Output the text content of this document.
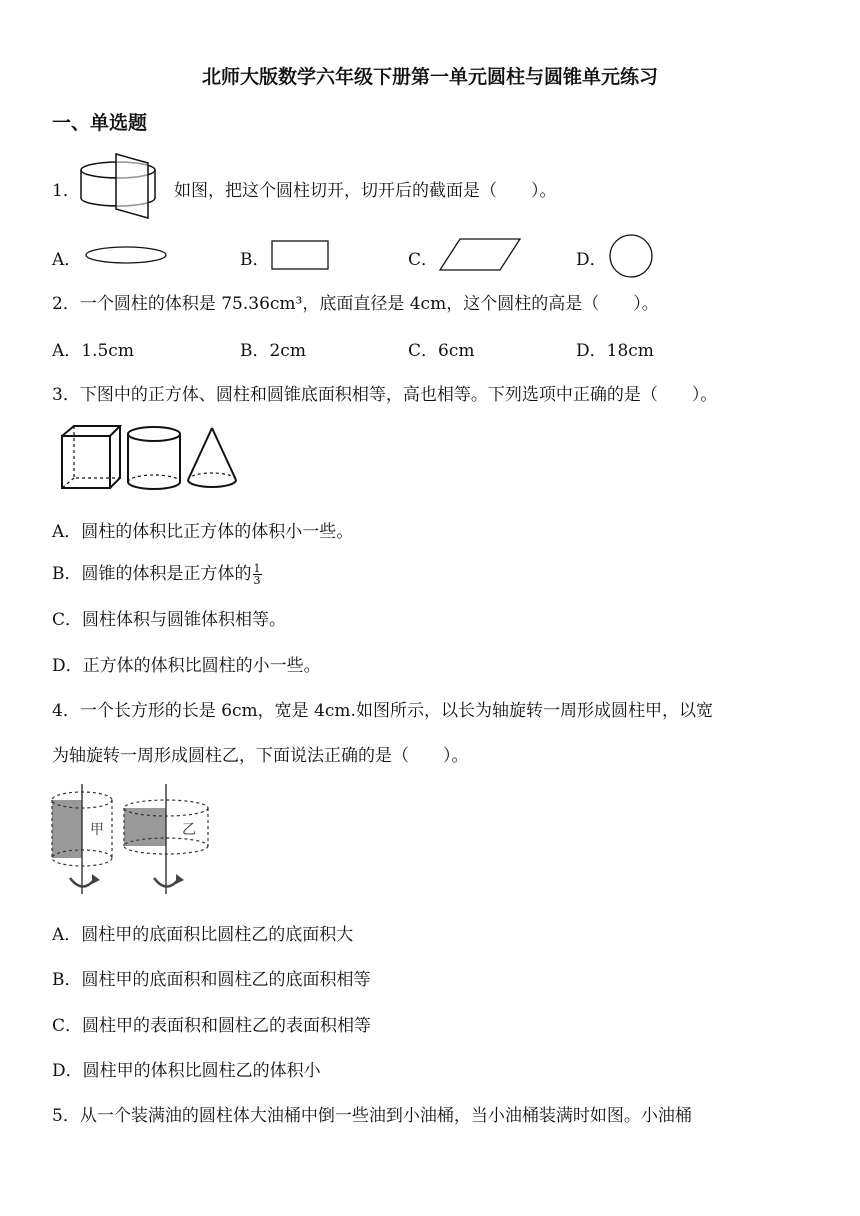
北师大版数学六年级下册第一单元圆柱与圆锥单元练习
一、单选题
1．	如图，把这个圆柱切开，切开后的截面是（　　）。
A．	B．	C．	D．
2．一个圆柱的体积是 75.36cm³，底面直径是 4cm，这个圆柱的高是（　　）。
A．1.5cm	B．2cm	C．6cm	D．18cm
3．下图中的正方体、圆柱和圆锥底面积相等，高也相等。下列选项中正确的是（　　）。
A．圆柱的体积比正方体的体积小一些。
B．圆锥的体积是正方体的 $\frac{1}{3}$
C．圆柱体积与圆锥体积相等。
D．正方体的体积比圆柱的小一些。
4．一个长方形的长是 6cm，宽是 4cm.如图所示，以长为轴旋转一周形成圆柱甲，以宽
为轴旋转一周形成圆柱乙，下面说法正确的是（　　）。
甲	乙
A．圆柱甲的底面积比圆柱乙的底面积大
B．圆柱甲的底面积和圆柱乙的底面积相等
C．圆柱甲的表面积和圆柱乙的表面积相等
D．圆柱甲的体积比圆柱乙的体积小
5．从一个装满油的圆柱体大油桶中倒一些油到小油桶，当小油桶装满时如图。小油桶
